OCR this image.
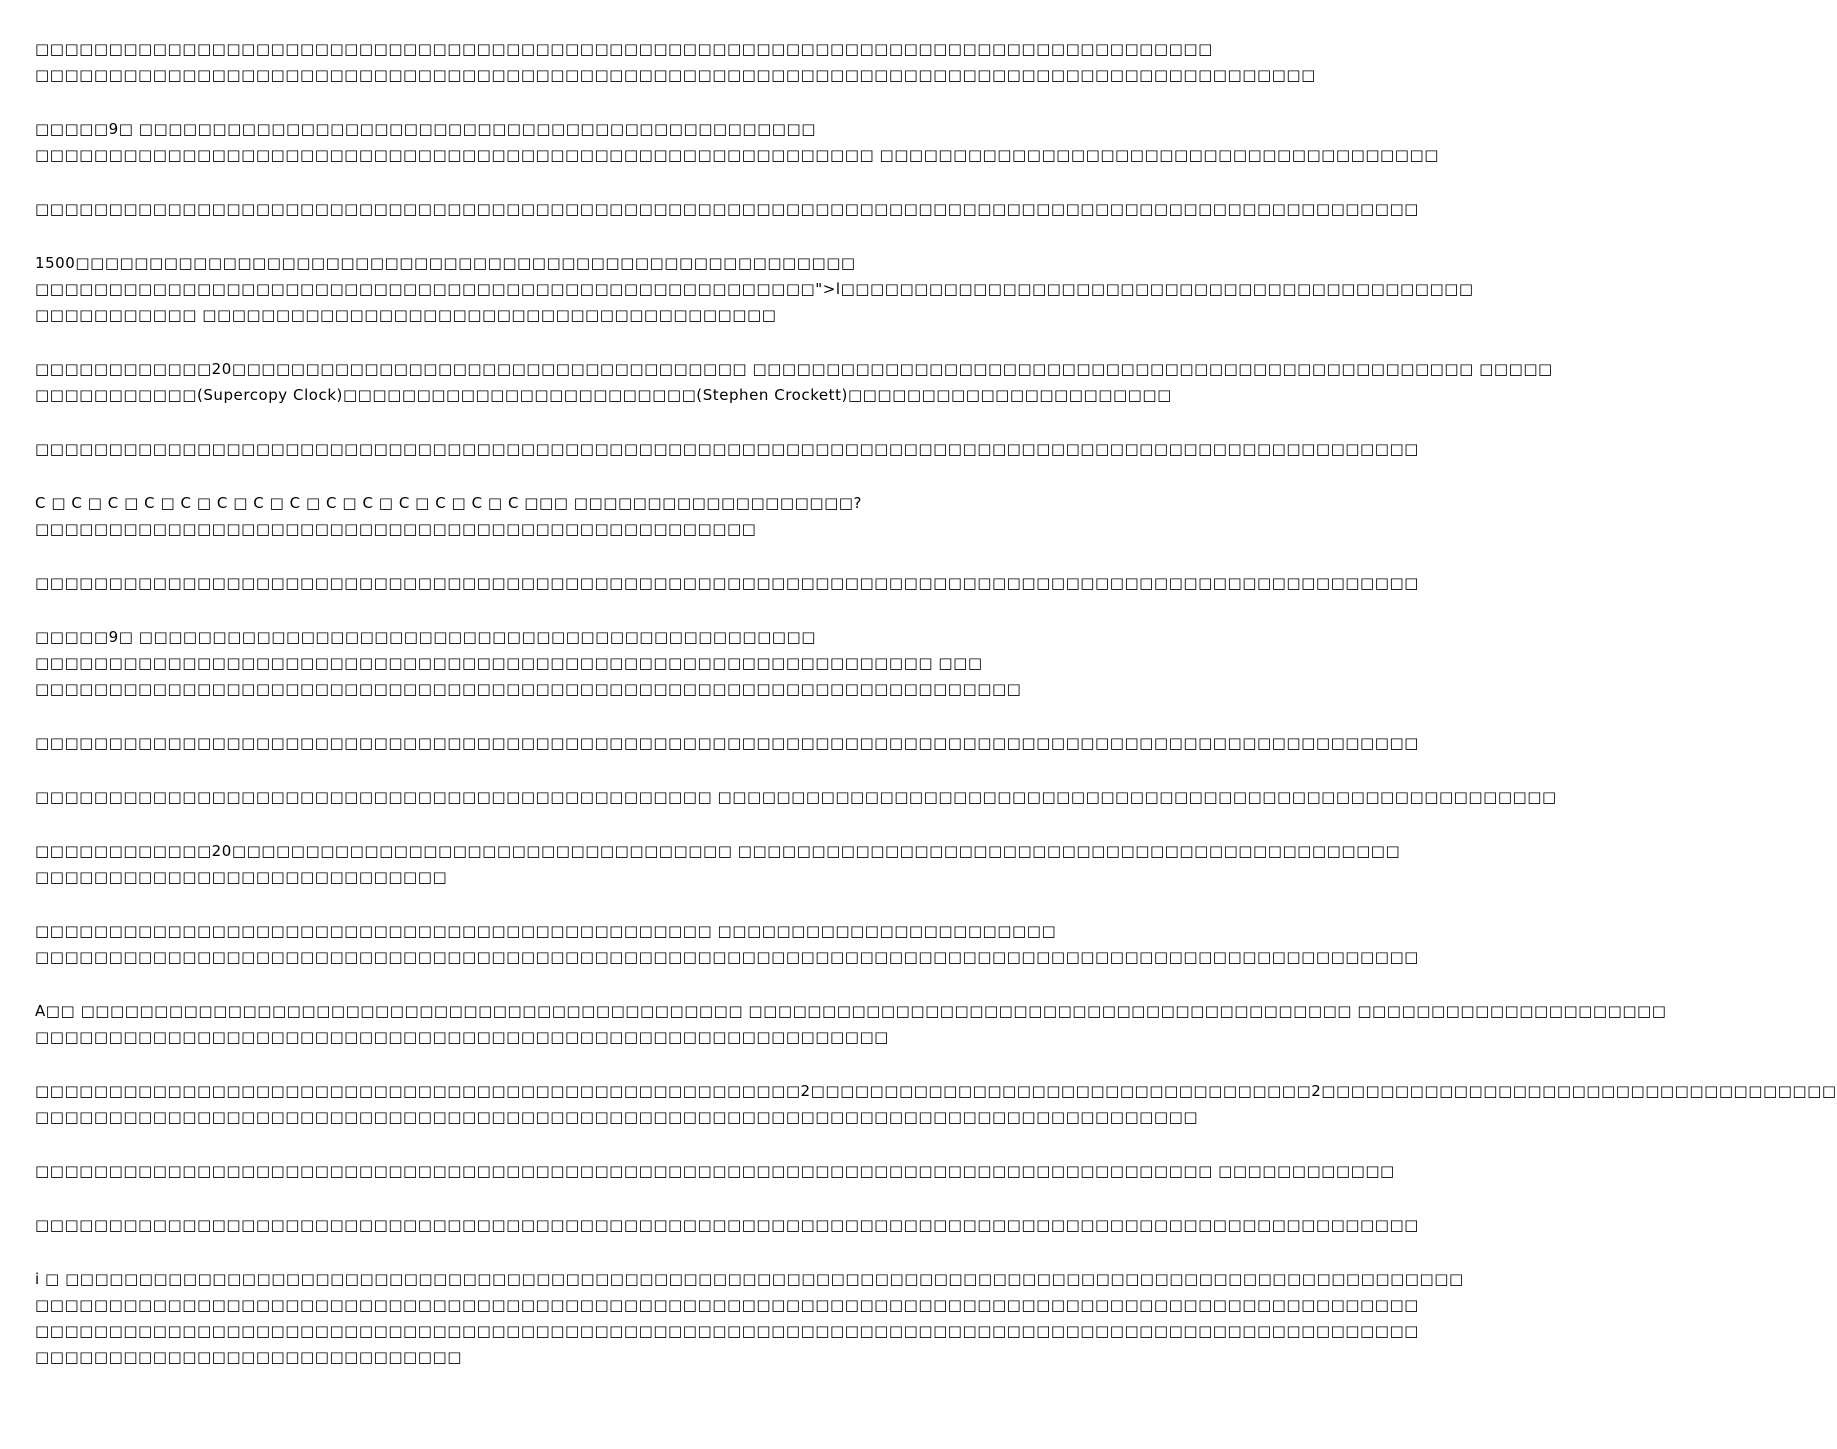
□□□□□□□□□□□□□□□□□□□□□□□□□□□□□□□□□□□□□□□□□□□□□□□□□□□□□□□□□□□□□□□□□□□□□□□□□□□□□□□□
□□□□□□□□□□□□□□□□□□□□□□□□□□□□□□□□□□□□□□□□□□□□□□□□□□□□□□□□□□□□□□□□□□□□□□□□□□□□□□□□□□□□□□□
□□□□□9□ □□□□□□□□□□□□□□□□□□□□□□□□□□□□□□□□□□□□□□□□□□□□□□
□□□□□□□□□□□□□□□□□□□□□□□□□□□□□□□□□□□□□□□□□□□□□□□□□□□□□□□□□ □□□□□□□□□□□□□□□□□□□□□□□□□□□□□□□□□□□□□□
□□□□□□□□□□□□□□□□□□□□□□□□□□□□□□□□□□□□□□□□□□□□□□□□□□□□□□□□□□□□□□□□□□□□□□□□□□□□□□□□□□□□□□□□□□□□□□
1500□□□□□□□□□□□□□□□□□□□□□□□□□□□□□□□□□□□□□□□□□□□□□□□□□□□□□
□□□□□□□□□□□□□□□□□□□□□□□□□□□□□□□□□□□□□□□□□□□□□□□□□□□□□">l□□□□□□□□□□□□□□□□□□□□□□□□□□□□□□□□□□□□□□□□□□□
□□□□□□□□□□□ □□□□□□□□□□□□□□□□□□□□□□□□□□□□□□□□□□□□□□□
□□□□□□□□□□□□20□□□□□□□□□□□□□□□□□□□□□□□□□□□□□□□□□□□ □□□□□□□□□□□□□□□□□□□□□□□□□□□□□□□□□□□□□□□□□□□□□□□□□ □□□□□
□□□□□□□□□□□(Supercopy Clock)□□□□□□□□□□□□□□□□□□□□□□□□(Stephen Crockett)□□□□□□□□□□□□□□□□□□□□□□
□□□□□□□□□□□□□□□□□□□□□□□□□□□□□□□□□□□□□□□□□□□□□□□□□□□□□□□□□□□□□□□□□□□□□□□□□□□□□□□□□□□□□□□□□□□□□□
C □ C □ C □ C □ C □ C □ C □ C □ C □ C □ C □ C □ C □ C □□□ □□□□□□□□□□□□□□□□□□□?
□□□□□□□□□□□□□□□□□□□□□□□□□□□□□□□□□□□□□□□□□□□□□□□□□
□□□□□□□□□□□□□□□□□□□□□□□□□□□□□□□□□□□□□□□□□□□□□□□□□□□□□□□□□□□□□□□□□□□□□□□□□□□□□□□□□□□□□□□□□□□□□□
□□□□□9□ □□□□□□□□□□□□□□□□□□□□□□□□□□□□□□□□□□□□□□□□□□□□□□
□□□□□□□□□□□□□□□□□□□□□□□□□□□□□□□□□□□□□□□□□□□□□□□□□□□□□□□□□□□□□ □□□
□□□□□□□□□□□□□□□□□□□□□□□□□□□□□□□□□□□□□□□□□□□□□□□□□□□□□□□□□□□□□□□□□□□
□□□□□□□□□□□□□□□□□□□□□□□□□□□□□□□□□□□□□□□□□□□□□□□□□□□□□□□□□□□□□□□□□□□□□□□□□□□□□□□□□□□□□□□□□□□□□□
□□□□□□□□□□□□□□□□□□□□□□□□□□□□□□□□□□□□□□□□□□□□□□ □□□□□□□□□□□□□□□□□□□□□□□□□□□□□□□□□□□□□□□□□□□□□□□□□□□□□□□□□
□□□□□□□□□□□□20□□□□□□□□□□□□□□□□□□□□□□□□□□□□□□□□□□ □□□□□□□□□□□□□□□□□□□□□□□□□□□□□□□□□□□□□□□□□□□□□
□□□□□□□□□□□□□□□□□□□□□□□□□□□□
□□□□□□□□□□□□□□□□□□□□□□□□□□□□□□□□□□□□□□□□□□□□□□ □□□□□□□□□□□□□□□□□□□□□□□
□□□□□□□□□□□□□□□□□□□□□□□□□□□□□□□□□□□□□□□□□□□□□□□□□□□□□□□□□□□□□□□□□□□□□□□□□□□□□□□□□□□□□□□□□□□□□□
A□□ □□□□□□□□□□□□□□□□□□□□□□□□□□□□□□□□□□□□□□□□□□□□□ □□□□□□□□□□□□□□□□□□□□□□□□□□□□□□□□□□□□□□□□□ □□□□□□□□□□□□□□□□□□□□□
□□□□□□□□□□□□□□□□□□□□□□□□□□□□□□□□□□□□□□□□□□□□□□□□□□□□□□□□□□
□□□□□□□□□□□□□□□□□□□□□□□□□□□□□□□□□□□□□□□□□□□□□□□□□□□□2□□□□□□□□□□□□□□□□□□□□□□□□□□□□□□□□□□2□□□□□□□□□□□□□□□□□□□□□□□□□□□□□□□□□□□
□□□□□□□□□□□□□□□□□□□□□□□□□□□□□□□□□□□□□□□□□□□□□□□□□□□□□□□□□□□□□□□□□□□□□□□□□□□□□□□
□□□□□□□□□□□□□□□□□□□□□□□□□□□□□□□□□□□□□□□□□□□□□□□□□□□□□□□□□□□□□□□□□□□□□□□□□□□□□□□□ □□□□□□□□□□□□
□□□□□□□□□□□□□□□□□□□□□□□□□□□□□□□□□□□□□□□□□□□□□□□□□□□□□□□□□□□□□□□□□□□□□□□□□□□□□□□□□□□□□□□□□□□□□□
i □ □□□□□□□□□□□□□□□□□□□□□□□□□□□□□□□□□□□□□□□□□□□□□□□□□□□□□□□□□□□□□□□□□□□□□□□□□□□□□□□□□□□□□□□□□□□□□□□
□□□□□□□□□□□□□□□□□□□□□□□□□□□□□□□□□□□□□□□□□□□□□□□□□□□□□□□□□□□□□□□□□□□□□□□□□□□□□□□□□□□□□□□□□□□□□□
□□□□□□□□□□□□□□□□□□□□□□□□□□□□□□□□□□□□□□□□□□□□□□□□□□□□□□□□□□□□□□□□□□□□□□□□□□□□□□□□□□□□□□□□□□□□□□
□□□□□□□□□□□□□□□□□□□□□□□□□□□□□
